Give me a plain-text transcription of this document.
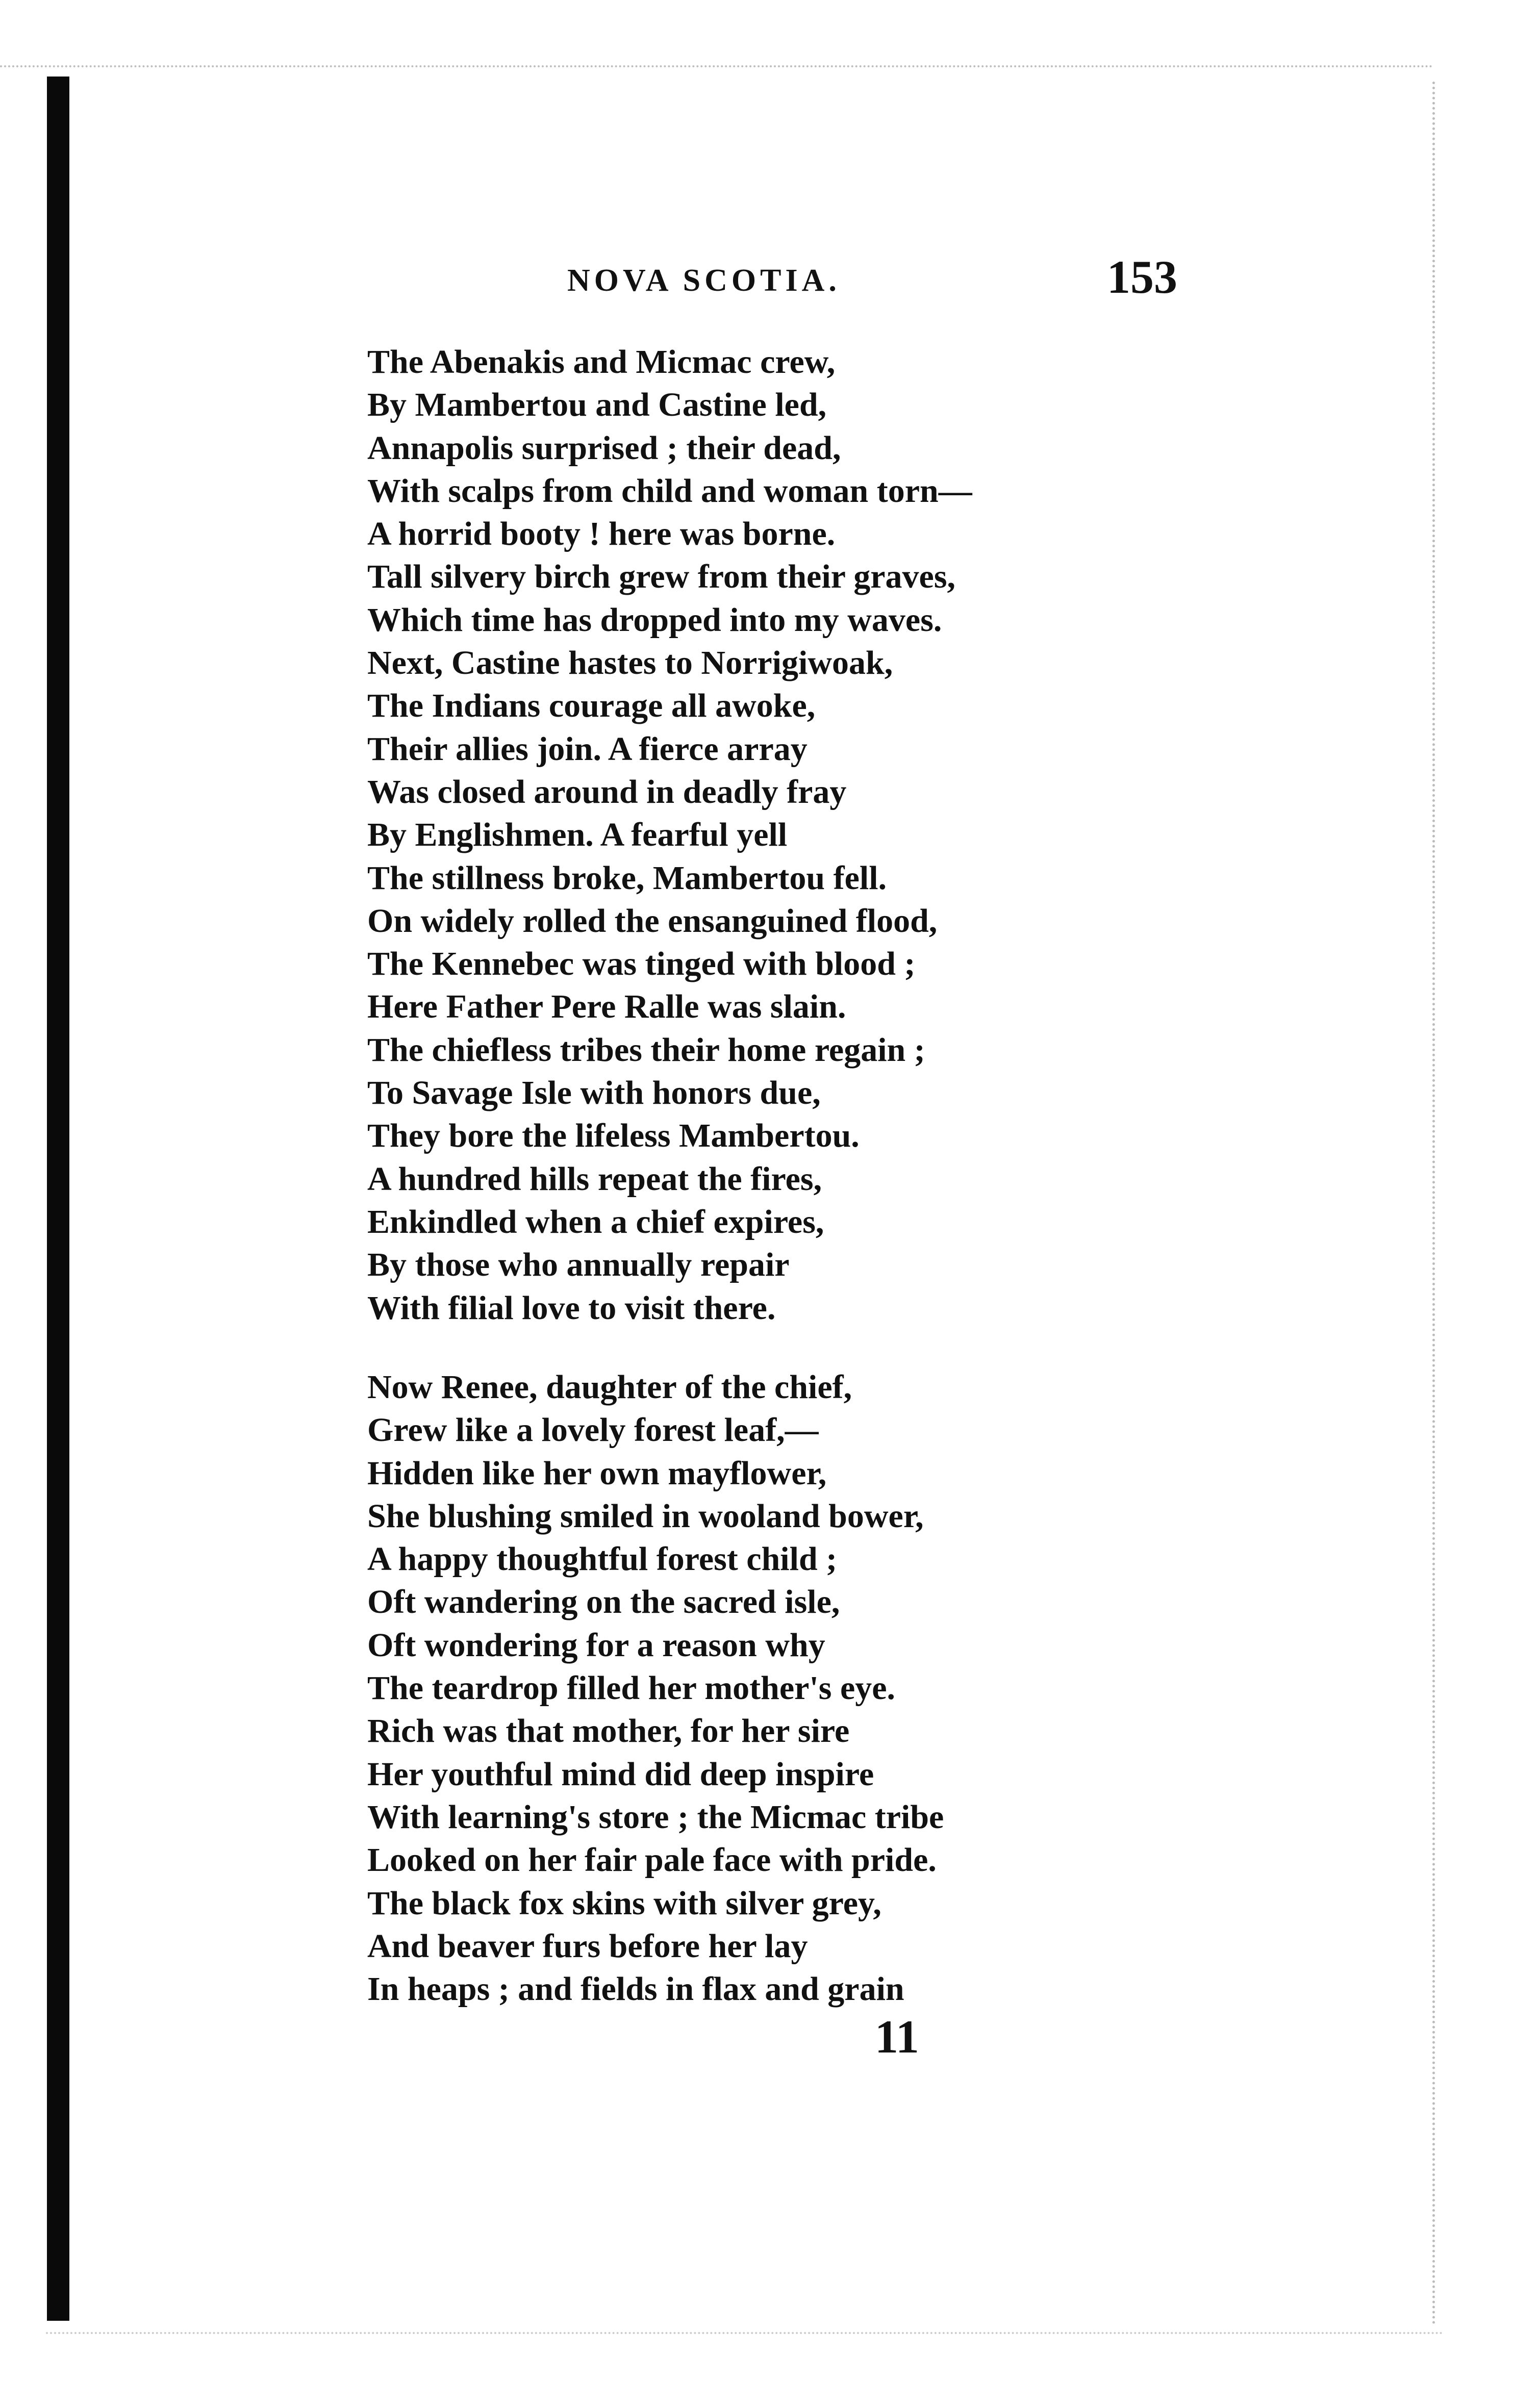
NOVA SCOTIA.	153
The Abenakis and Micmac crew,
By Mambertou and Castine led,
Annapolis surprised ; their dead,
With scalps from child and woman torn—
A horrid booty ! here was borne.
Tall silvery birch grew from their graves,
Which time has dropped into my waves.
Next, Castine hastes to Norrigiwoak,
The Indians courage all awoke,
Their allies join. A fierce array
Was closed around in deadly fray
By Englishmen. A fearful yell
The stillness broke, Mambertou fell.
On widely rolled the ensanguined flood,
The Kennebec was tinged with blood ;
Here Father Pere Ralle was slain.
The chiefless tribes their home regain ;
To Savage Isle with honors due,
They bore the lifeless Mambertou.
A hundred hills repeat the fires,
Enkindled when a chief expires,
By those who annually repair
With filial love to visit there.
Now Renee, daughter of the chief,
Grew like a lovely forest leaf,—
Hidden like her own mayflower,
She blushing smiled in wooland bower,
A happy thoughtful forest child ;
Oft wandering on the sacred isle,
Oft wondering for a reason why
The teardrop filled her mother's eye.
Rich was that mother, for her sire
Her youthful mind did deep inspire
With learning's store ; the Micmac tribe
Looked on her fair pale face with pride.
The black fox skins with silver grey,
And beaver furs before her lay
In heaps ; and fields in flax and grain
11
